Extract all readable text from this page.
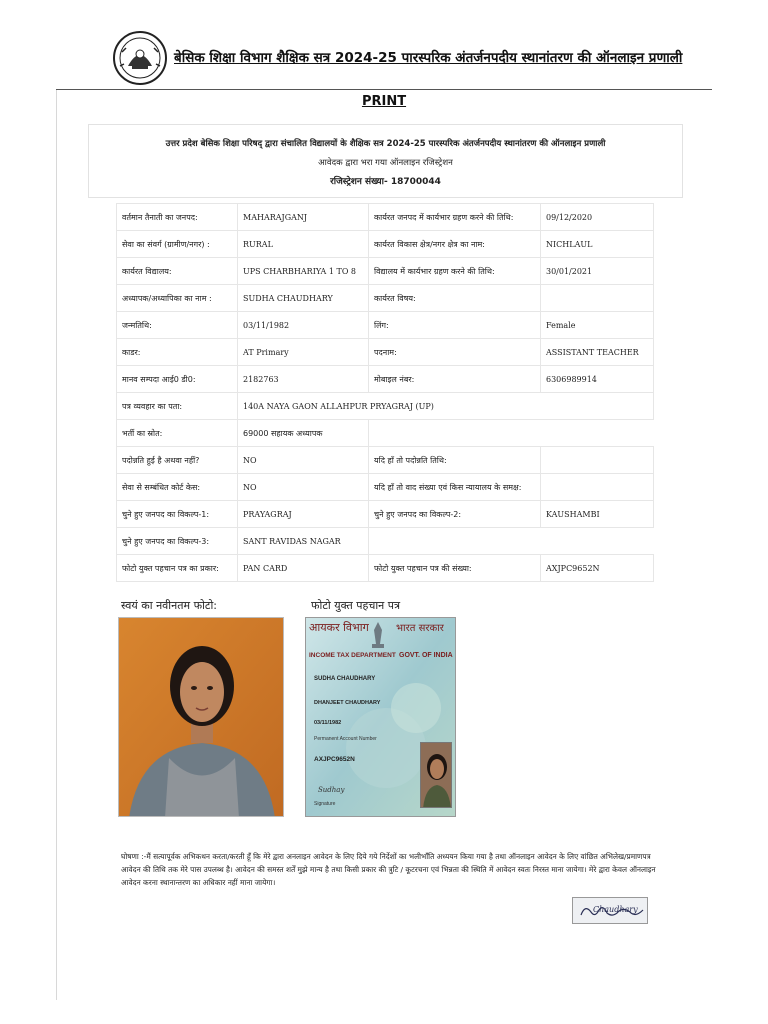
बेसिक शिक्षा विभाग शैक्षिक सत्र 2024-25 पारस्परिक अंतर्जनपदीय स्थानांतरण की ऑनलाइन प्रणाली
PRINT
उत्तर प्रदेश बेसिक शिक्षा परिषद् द्वारा संचालित विद्यालयों के शैक्षिक सत्र 2024-25 पारस्परिक अंतर्जनपदीय स्थानांतरण की ऑनलाइन प्रणाली
आवेदक द्वारा भरा गया ऑनलाइन रजिस्ट्रेशन
रजिस्ट्रेशन संख्या- 18700044
वर्तमान तैनाती का जनपद:	MAHARAJGANJ	कार्यरत जनपद में कार्यभार ग्रहण करने की तिथि:	09/12/2020
सेवा का संवर्ग (ग्रामीण/नगर) :	RURAL	कार्यरत विकास क्षेत्र/नगर क्षेत्र का नाम:	NICHLAUL
कार्यरत विद्यालय:	UPS CHARBHARIYA 1 TO 8	विद्यालय में कार्यभार ग्रहण करने की तिथि:	30/01/2021
अध्यापक/अध्यापिका का नाम :	SUDHA CHAUDHARY	कार्यरत विषय:	
जन्मतिथि:	03/11/1982	लिंग:	Female
काडर:	AT Primary	पदनाम:	ASSISTANT TEACHER
मानव सम्पदा आई0 डी0:	2182763	मोबाइल नंबर:	6306989914
पत्र व्यवहार का पता:	140A NAYA GAON ALLAHPUR PRYAGRAJ (UP)		
भर्ती का स्रोत:	69000 सहायक अध्यापक		
पदोन्नति हुई है अथवा नहीं?	NO	यदि हाँ तो पदोन्नति तिथि:	
सेवा से सम्बंधित कोर्ट केस:	NO	यदि हाँ तो वाद संख्या एवं किस न्यायालय के समक्ष:	
चुने हुए जनपद का विकल्प-1:	PRAYAGRAJ	चुने हुए जनपद का विकल्प-2:	KAUSHAMBI
चुने हुए जनपद का विकल्प-3:	SANT RAVIDAS NAGAR		
फोटो युक्त पहचान पत्र का प्रकार:	PAN CARD	फोटो युक्त पहचान पत्र की संख्या:	AXJPC9652N
स्वयं का नवीनतम फोटो:	फोटो युक्त पहचान पत्र
आयकर विभाग	भारत सरकार
INCOME TAX DEPARTMENT GOVT. OF INDIA
SUDHA CHAUDHARY
DHANJEET CHAUDHARY
03/11/1982
Permanent Account Number
AXJPC9652N
Sudhay
Signature
घोषणा :-मैं सत्यापूर्वक अभिकथन करता/करती हूँ कि मेरे द्वारा अनलाइन आवेदन के लिए दिये गये निर्देशों का भलीभाँति अध्ययन किया गया है तथा ऑनलाइन आवेदन के लिए वांछित अभिलेख/प्रमाणपत्र आवेदन की तिथि तक मेरे पास उपलब्ध है। आवेदन की समस्त शर्तें मुझे मान्य है तथा किसी प्रकार की त्रुटि / कूटरचना एवं भिन्नता की स्थिति में आवेदन स्वतः निरस्त माना जायेगा। मेरे द्वारा केवल ऑनलाइन आवेदन करना स्थानान्तरण का अधिकार नहीं माना जायेगा।
Chaudhary
